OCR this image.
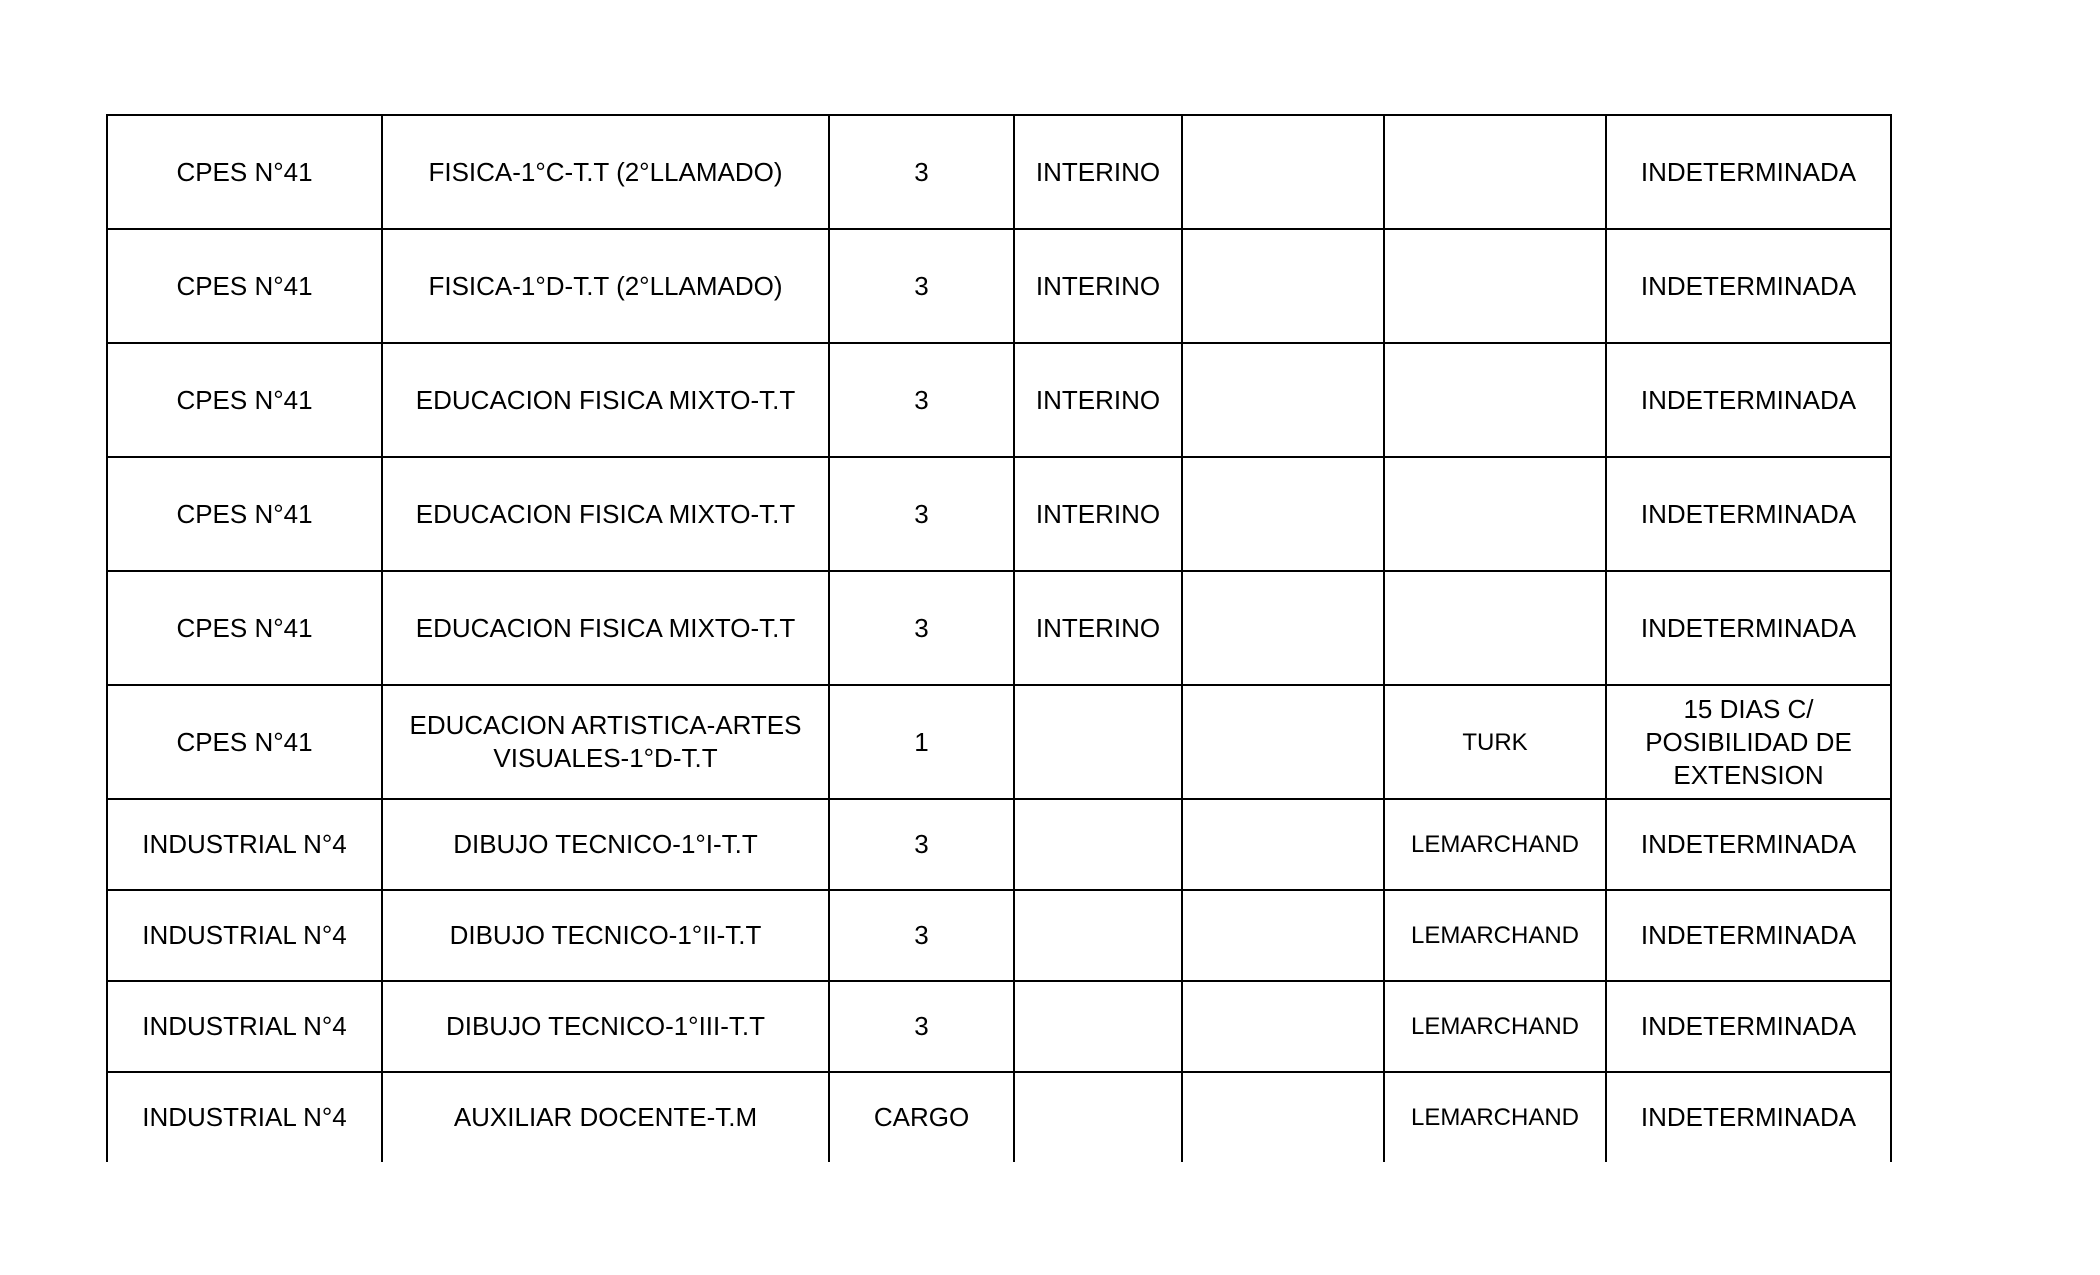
CPES N°41	FISICA-1°C-T.T (2°LLAMADO)	3	INTERINO			INDETERMINADA
CPES N°41	FISICA-1°D-T.T (2°LLAMADO)	3	INTERINO			INDETERMINADA
CPES N°41	EDUCACION FISICA MIXTO-T.T	3	INTERINO			INDETERMINADA
CPES N°41	EDUCACION FISICA MIXTO-T.T	3	INTERINO			INDETERMINADA
CPES N°41	EDUCACION FISICA MIXTO-T.T	3	INTERINO			INDETERMINADA
CPES N°41	EDUCACION ARTISTICA-ARTES VISUALES-1°D-T.T	1			TURK	15 DIAS C/ POSIBILIDAD DE EXTENSION
INDUSTRIAL N°4	DIBUJO TECNICO-1°I-T.T	3			LEMARCHAND	INDETERMINADA
INDUSTRIAL N°4	DIBUJO TECNICO-1°II-T.T	3			LEMARCHAND	INDETERMINADA
INDUSTRIAL N°4	DIBUJO TECNICO-1°III-T.T	3			LEMARCHAND	INDETERMINADA
INDUSTRIAL N°4	AUXILIAR DOCENTE-T.M	CARGO			LEMARCHAND	INDETERMINADA
